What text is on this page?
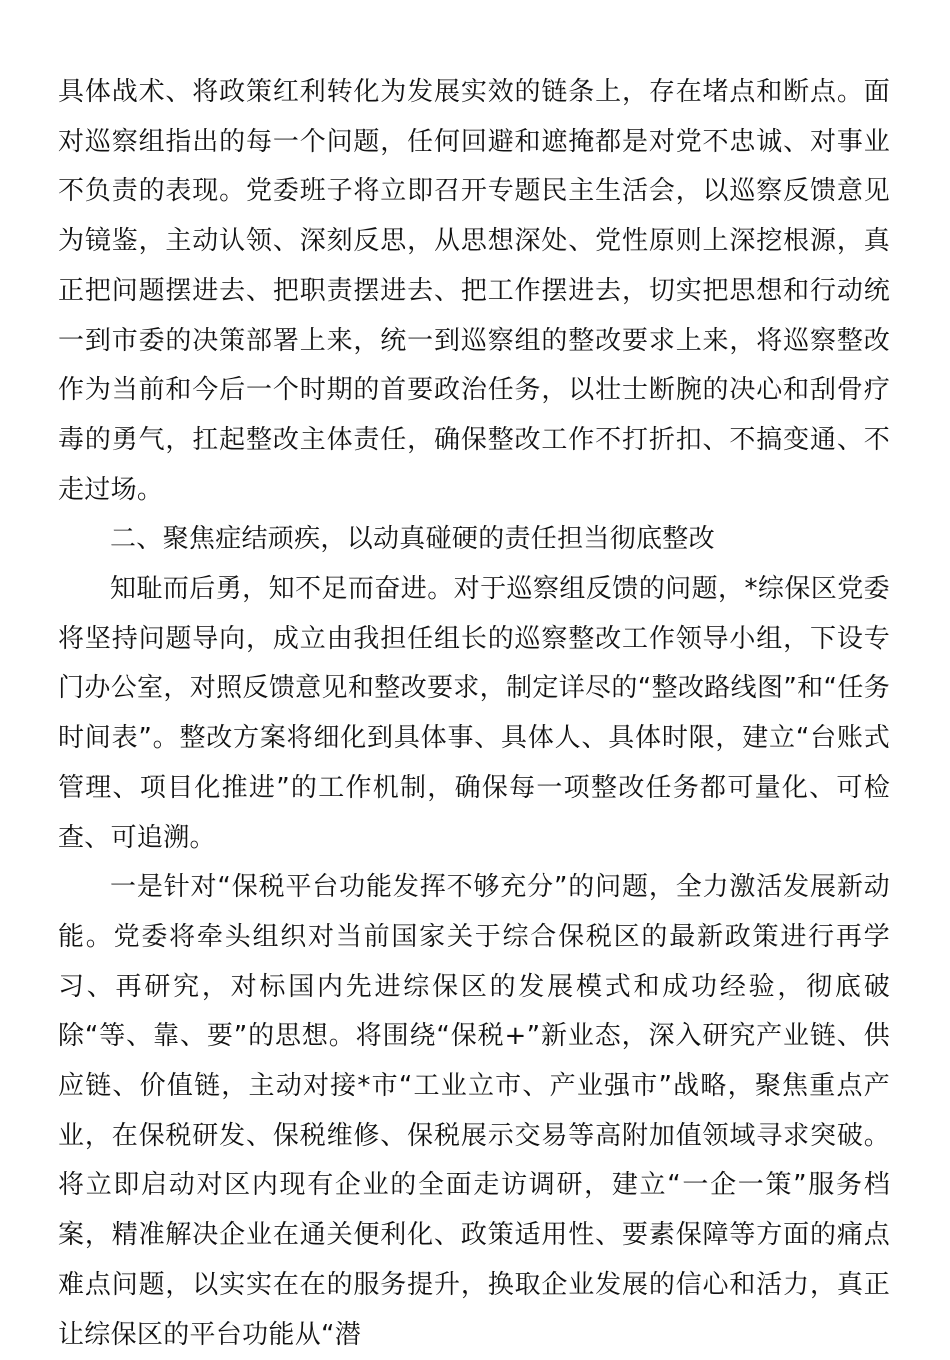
具体战术、将政策红利转化为发展实效的链条上，存在堵点和断点。面对巡察组指出的每一个问题，任何回避和遮掩都是对党不忠诚、对事业不负责的表现。党委班子将立即召开专题民主生活会，以巡察反馈意见为镜鉴，主动认领、深刻反思，从思想深处、党性原则上深挖根源，真正把问题摆进去、把职责摆进去、把工作摆进去，切实把思想和行动统一到市委的决策部署上来，统一到巡察组的整改要求上来，将巡察整改作为当前和今后一个时期的首要政治任务，以壮士断腕的决心和刮骨疗毒的勇气，扛起整改主体责任，确保整改工作不打折扣、不搞变通、不走过场。

二、聚焦症结顽疾，以动真碰硬的责任担当彻底整改

知耻而后勇，知不足而奋进。对于巡察组反馈的问题，*综保区党委将坚持问题导向，成立由我担任组长的巡察整改工作领导小组，下设专门办公室，对照反馈意见和整改要求，制定详尽的“整改路线图”和“任务时间表”。整改方案将细化到具体事、具体人、具体时限，建立“台账式管理、项目化推进”的工作机制，确保每一项整改任务都可量化、可检查、可追溯。

一是针对“保税平台功能发挥不够充分”的问题，全力激活发展新动能。党委将牵头组织对当前国家关于综合保税区的最新政策进行再学习、再研究，对标国内先进综保区的发展模式和成功经验，彻底破除“等、靠、要”的思想。将围绕“保税+”新业态，深入研究产业链、供应链、价值链，主动对接*市“工业立市、产业强市”战略，聚焦重点产业，在保税研发、保税维修、保税展示交易等高附加值领域寻求突破。将立即启动对区内现有企业的全面走访调研，建立“一企一策”服务档案，精准解决企业在通关便利化、政策适用性、要素保障等方面的痛点难点问题，以实实在在的服务提升，换取企业发展的信心和活力，真正让综保区的平台功能从“潜
